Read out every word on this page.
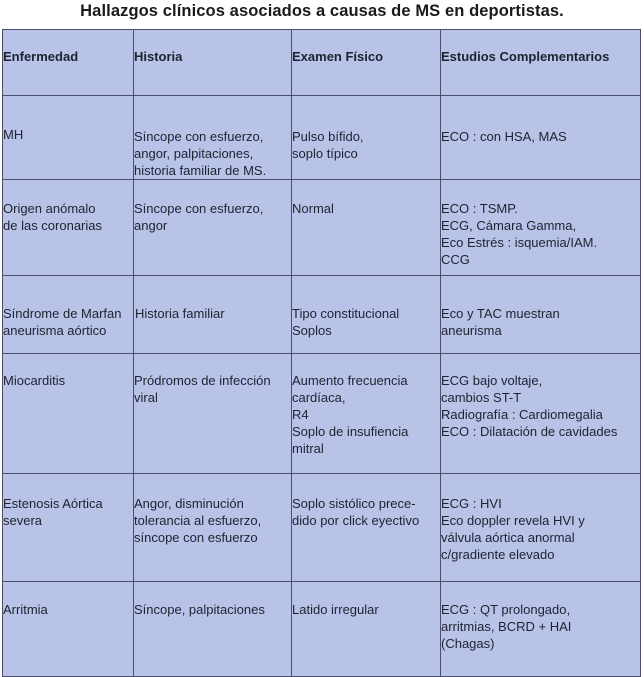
Hallazgos clínicos asociados a causas de MS en deportistas.
Enfermedad	Historia	Examen Físico	Estudios Complementarios
MH	Síncope con esfuerzo,
angor, palpitaciones,
historia familiar de MS.	Pulso bífido,
soplo típico	ECO : con HSA, MAS
Origen anómalo
de las coronarias	Síncope con esfuerzo,
angor	Normal	ECO : TSMP.
ECG, Cámara Gamma,
Eco Estrés : isquemia/IAM.
CCG
Síndrome de Marfan
aneurisma aórtico	Historia familiar	Tipo constitucional
Soplos	Eco y TAC muestran
aneurisma
Miocarditis	Pródromos de infección
viral	Aumento frecuencia
cardíaca,
R4
Soplo de insufiencia
mitral	ECG bajo voltaje,
cambios ST-T
Radiografía : Cardiomegalia
ECO : Dilatación de cavidades
Estenosis Aórtica
severa	Angor, disminución
tolerancia al esfuerzo,
síncope con esfuerzo	Soplo sistólico prece-
dido por click eyectivo	ECG : HVI
Eco doppler revela HVI y
válvula aórtica anormal
c/gradiente elevado
Arritmia	Síncope, palpitaciones	Latido irregular	ECG : QT prolongado,
arritmias, BCRD + HAI
(Chagas)
